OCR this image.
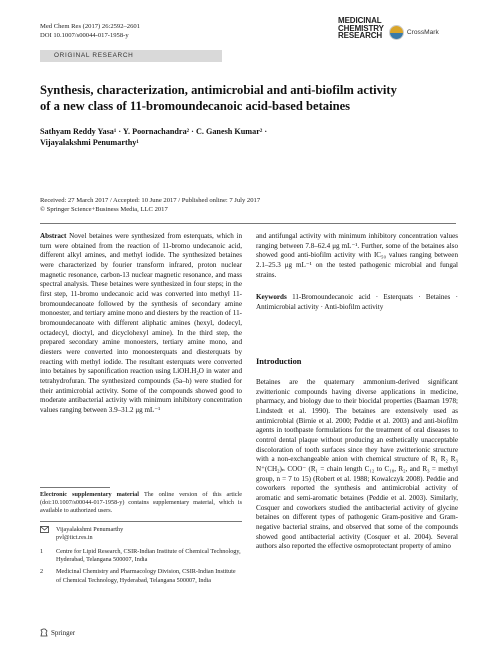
Med Chem Res (2017) 26:2592–2601
DOI 10.1007/s00044-017-1958-y
MEDICINAL
CHEMISTRY
RESEARCH	CrossMark
ORIGINAL RESEARCH
Synthesis, characterization, antimicrobial and anti-biofilm activity
of a new class of 11-bromoundecanoic acid-based betaines
Sathyam Reddy Yasa¹ · Y. Poornachandra² · C. Ganesh Kumar² ·
Vijayalakshmi Penumarthy¹
Received: 27 March 2017 / Accepted: 10 June 2017 / Published online: 7 July 2017
© Springer Science+Business Media, LLC 2017
Abstract Novel betaines were synthesized from esterquats, which in turn were obtained from the reaction of 11-bromo undecanoic acid, different alkyl amines, and methyl iodide. The synthesized betaines were characterized by fourier transform infrared, proton nuclear magnetic resonance, carbon-13 nuclear magnetic resonance, and mass spectral analysis. These betaines were synthesized in four steps; in the first step, 11-bromo undecanoic acid was converted into methyl 11-bromoundecanoate followed by the synthesis of secondary amine monoester, and tertiary amine mono and diesters by the reaction of 11-bromoundecanoate with different aliphatic amines (hexyl, dodecyl, octadecyl, dioctyl, and dicyclohexyl amine). In the third step, the prepared secondary amine monoesters, tertiary amine mono, and diesters were converted into monoesterquats and diesterquats by reacting with methyl iodide. The resultant esterquats were converted into betaines by saponification reaction using LiOH.H₂O in water and tetrahydrofuran. The synthesized compounds (5a–h) were studied for their antimicrobial activity. Some of the compounds showed good to moderate antibacterial activity with minimum inhibitory concentration values ranging between 3.9–31.2 μg mL⁻¹
Electronic supplementary material The online version of this article (doi:10.1007/s00044-017-1958-y) contains supplementary material, which is available to authorized users.
Vijayalakshmi Penumarthy
pvl@iict.res.in
1	Centre for Lipid Research, CSIR-Indian Institute of Chemical Technology, Hyderabad, Telangana 500007, India
2	Medicinal Chemistry and Pharmacology Division, CSIR-Indian Institute of Chemical Technology, Hyderabad, Telangana 500007, India
Springer
and antifungal activity with minimum inhibitory concentration values ranging between 7.8–62.4 μg mL⁻¹. Further, some of the betaines also showed good anti-biofilm activity with IC₅₀ values ranging between 2.1–25.3 μg mL⁻¹ on the tested pathogenic microbial and fungal strains.
Keywords 11-Bromoundecanoic acid · Esterquats · Betaines · Antimicrobial activity · Anti-biofilm activity
Introduction
Betaines are the quaternary ammonium-derived significant zwitterionic compounds having diverse applications in medicine, pharmacy, and biology due to their biocidal properties (Baaman 1978; Lindstedt et al. 1990). The betaines are extensively used as antimicrobial (Birnie et al. 2000; Peddie et al. 2003) and anti-biofilm agents in toothpaste formulations for the treatment of oral diseases to control dental plaque without producing an esthetically unacceptable discoloration of tooth surfaces since they have zwitterionic structure with a non-exchangeable anion with chemical structure of R₁ R₂ R₃ N⁺(CH₂)ₙ COO⁻ (R₁ = chain length C₁₂ to C₁₈, R₂, and R₃ = methyl group, n = 7 to 15) (Robert et al. 1988; Kowalczyk 2008). Peddie and coworkers reported the synthesis and antimicrobial activity of aromatic and semi-aromatic betaines (Peddie et al. 2003). Similarly, Cosquer and coworkers studied the antibacterial activity of glycine betaines on different types of pathogenic Gram-positive and Gram-negative bacterial strains, and observed that some of the compounds showed good antibacterial activity (Cosquer et al. 2004). Several authors also reported the effective osmoprotectant property of amino
